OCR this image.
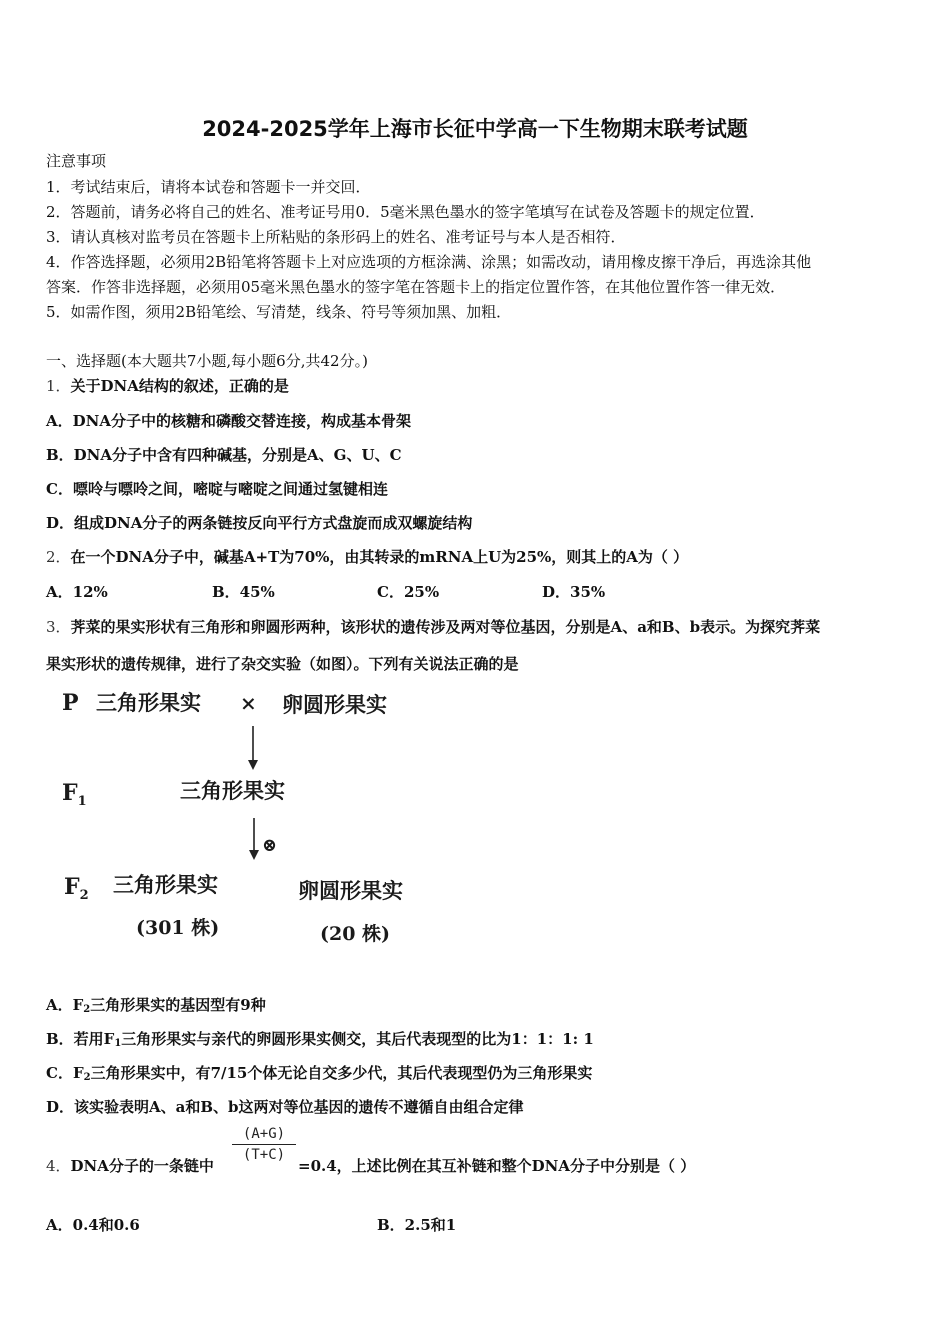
2024-2025学年上海市长征中学高一下生物期末联考试题
注意事项
1．考试结束后，请将本试卷和答题卡一并交回．
2．答题前，请务必将自己的姓名、准考证号用0．5毫米黑色墨水的签字笔填写在试卷及答题卡的规定位置．
3．请认真核对监考员在答题卡上所粘贴的条形码上的姓名、准考证号与本人是否相符．
4．作答选择题，必须用2B铅笔将答题卡上对应选项的方框涂满、涂黑；如需改动，请用橡皮擦干净后，再选涂其他
答案．作答非选择题，必须用05毫米黑色墨水的签字笔在答题卡上的指定位置作答，在其他位置作答一律无效．
5．如需作图，须用2B铅笔绘、写清楚，线条、符号等须加黑、加粗．
一、选择题(本大题共7小题,每小题6分,共42分。)
1．关于DNA结构的叙述，正确的是
A．DNA分子中的核糖和磷酸交替连接，构成基本骨架
B．DNA分子中含有四种碱基，分别是A、G、U、C
C．嘌呤与嘌呤之间，嘧啶与嘧啶之间通过氢键相连
D．组成DNA分子的两条链按反向平行方式盘旋而成双螺旋结构
2．在一个DNA分子中，碱基A+T为70%，由其转录的mRNA上U为25%，则其上的A为（ ）
A．12%	B．45%	C．25%	D．35%
3．荠菜的果实形状有三角形和卵圆形两种，该形状的遗传涉及两对等位基因，分别是A、a和B、b表示。为探究荠菜
果实形状的遗传规律，进行了杂交实验（如图）。下列有关说法正确的是
P 三角形果实 × 卵圆形果实
$F_1$	三角形果实
⊗
$F_2$ 三角形果实
(301 株)
卵圆形果实
(20 株)
A．$F_2$三角形果实的基因型有9种
B．若用$F_1$三角形果实与亲代的卵圆形果实侧交，其后代表现型的比为1：1：1: 1
C．$F_2$三角形果实中，有7/15个体无论自交多少代，其后代表现型仍为三角形果实
D．该实验表明A、a和B、b这两对等位基因的遗传不遵循自由组合定律
4．DNA分子的一条链中
(A+G)
(T+C)
=0.4，上述比例在其互补链和整个DNA分子中分别是（ ）
A．0.4和0.6	B．2.5和1
